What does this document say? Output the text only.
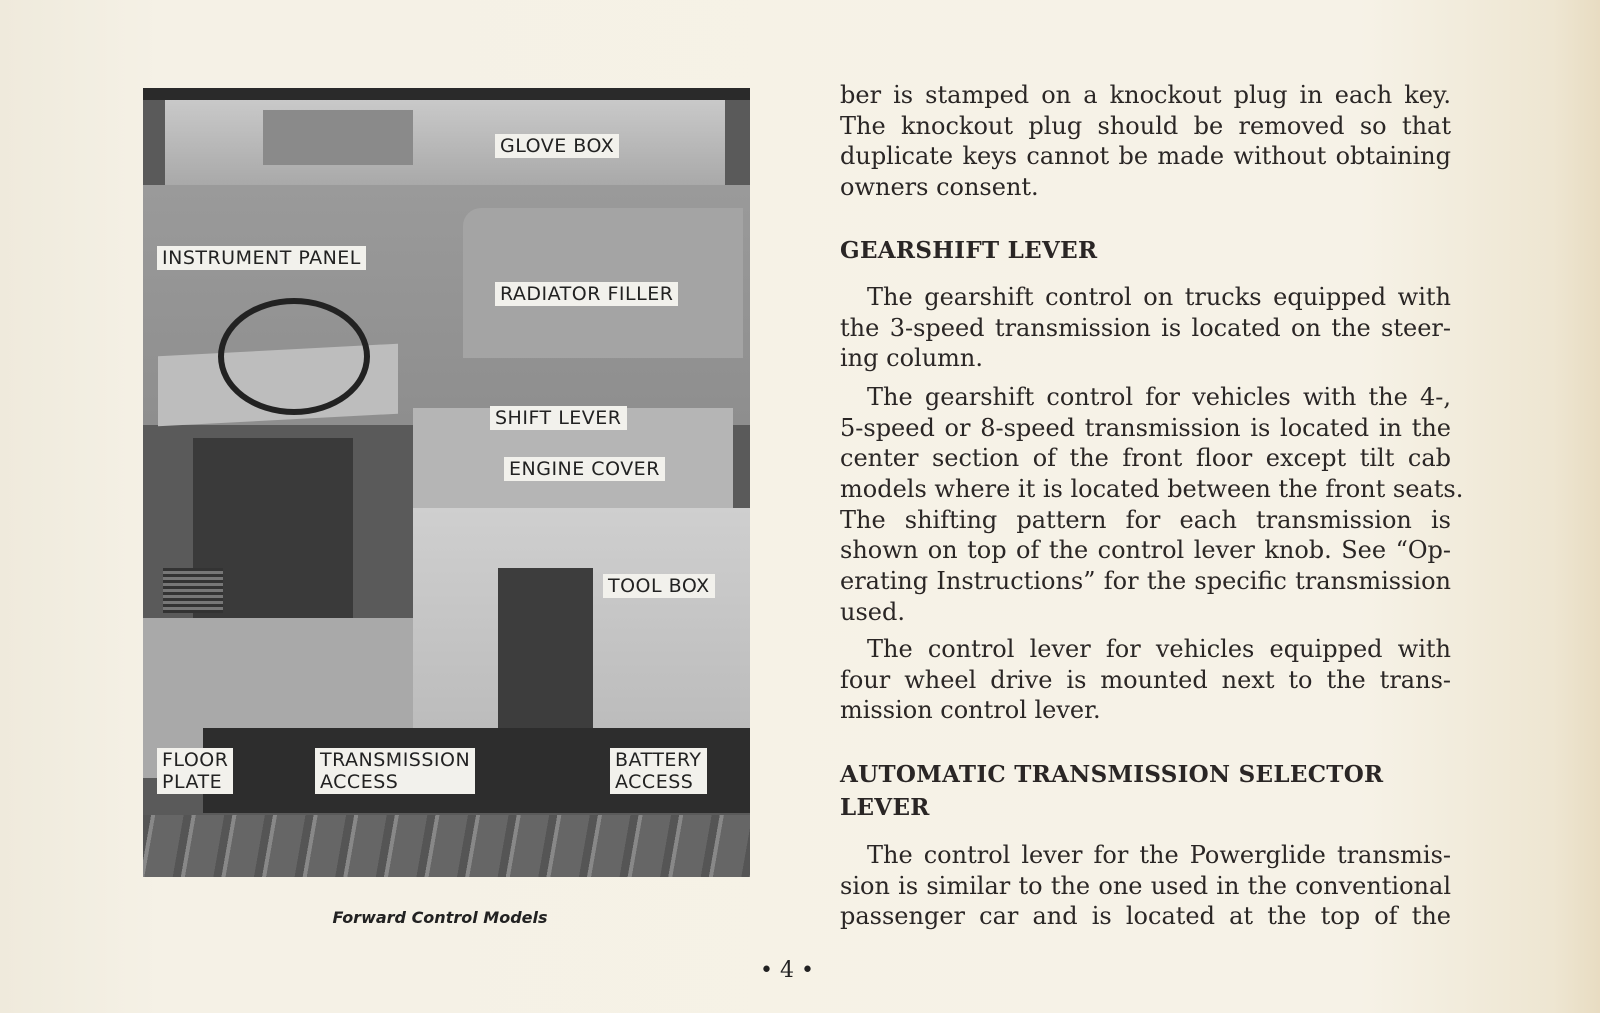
GLOVE BOX
INSTRUMENT PANEL
RADIATOR FILLER
SHIFT LEVER
ENGINE COVER
TOOL BOX
FLOOR
PLATE
TRANSMISSION
ACCESS
BATTERY
ACCESS
Forward Control Models
ber is stamped on a knockout plug in each key.
The knockout plug should be removed so that
duplicate keys cannot be made without obtaining
owners consent.
GEARSHIFT LEVER
The gearshift control on trucks equipped with
the 3-speed transmission is located on the steer-
ing column.
The gearshift control for vehicles with the 4-,
5-speed or 8-speed transmission is located in the
center section of the front floor except tilt cab
models where it is located between the front seats.
The shifting pattern for each transmission is
shown on top of the control lever knob. See “Op-
erating Instructions” for the specific transmission
used.
The control lever for vehicles equipped with
four wheel drive is mounted next to the trans-
mission control lever.
AUTOMATIC TRANSMISSION SELECTOR
LEVER
The control lever for the Powerglide transmis-
sion is similar to the one used in the conventional
passenger car and is located at the top of the
• 4 •
